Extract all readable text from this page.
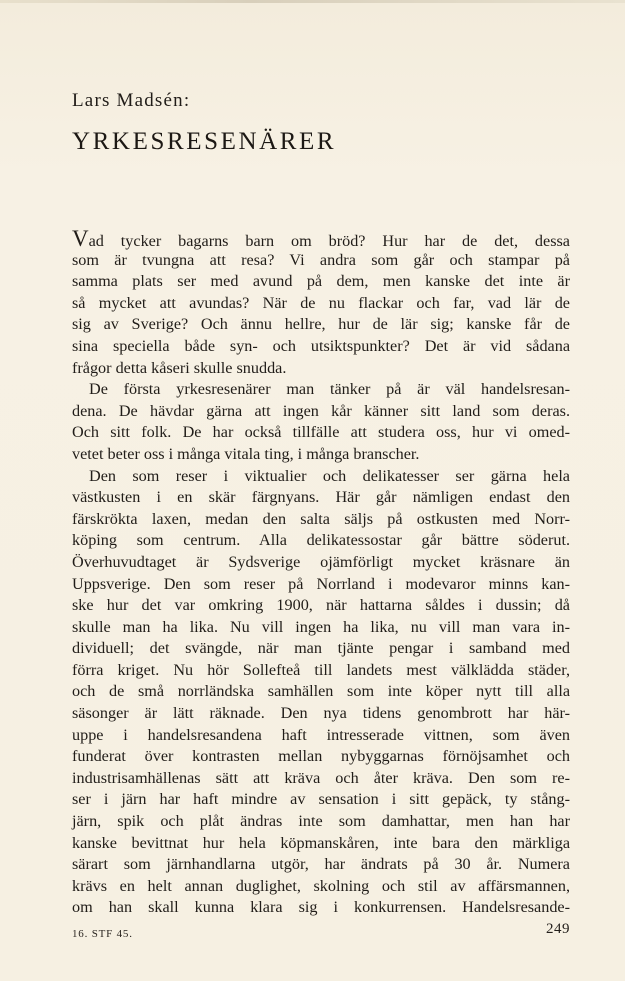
Lars Madsén:
YRKESRESENÄRER
Vad tycker bagarns barn om bröd? Hur har de det, dessa
som är tvungna att resa? Vi andra som går och stampar på
samma plats ser med avund på dem, men kanske det inte är
så mycket att avundas? När de nu flackar och far, vad lär de
sig av Sverige? Och ännu hellre, hur de lär sig; kanske får de
sina speciella både syn- och utsiktspunkter? Det är vid sådana
frågor detta kåseri skulle snudda.
De första yrkesresenärer man tänker på är väl handelsresan-
dena. De hävdar gärna att ingen kår känner sitt land som deras.
Och sitt folk. De har också tillfälle att studera oss, hur vi omed-
vetet beter oss i många vitala ting, i många branscher.
Den som reser i viktualier och delikatesser ser gärna hela
västkusten i en skär färgnyans. Här går nämligen endast den
färskrökta laxen, medan den salta säljs på ostkusten med Norr-
köping som centrum. Alla delikatessostar går bättre söderut.
Överhuvudtaget är Sydsverige ojämförligt mycket kräsnare än
Uppsverige. Den som reser på Norrland i modevaror minns kan-
ske hur det var omkring 1900, när hattarna såldes i dussin; då
skulle man ha lika. Nu vill ingen ha lika, nu vill man vara in-
dividuell; det svängde, när man tjänte pengar i samband med
förra kriget. Nu hör Sollefteå till landets mest välklädda städer,
och de små norrländska samhällen som inte köper nytt till alla
säsonger är lätt räknade. Den nya tidens genombrott har här-
uppe i handelsresandena haft intresserade vittnen, som även
funderat över kontrasten mellan nybyggarnas förnöjsamhet och
industrisamhällenas sätt att kräva och åter kräva. Den som re-
ser i järn har haft mindre av sensation i sitt gepäck, ty stång-
järn, spik och plåt ändras inte som damhattar, men han har
kanske bevittnat hur hela köpmanskåren, inte bara den märkliga
särart som järnhandlarna utgör, har ändrats på 30 år. Numera
krävs en helt annan duglighet, skolning och stil av affärsmannen,
om han skall kunna klara sig i konkurrensen. Handelsresande-
16. STF 45.	249
